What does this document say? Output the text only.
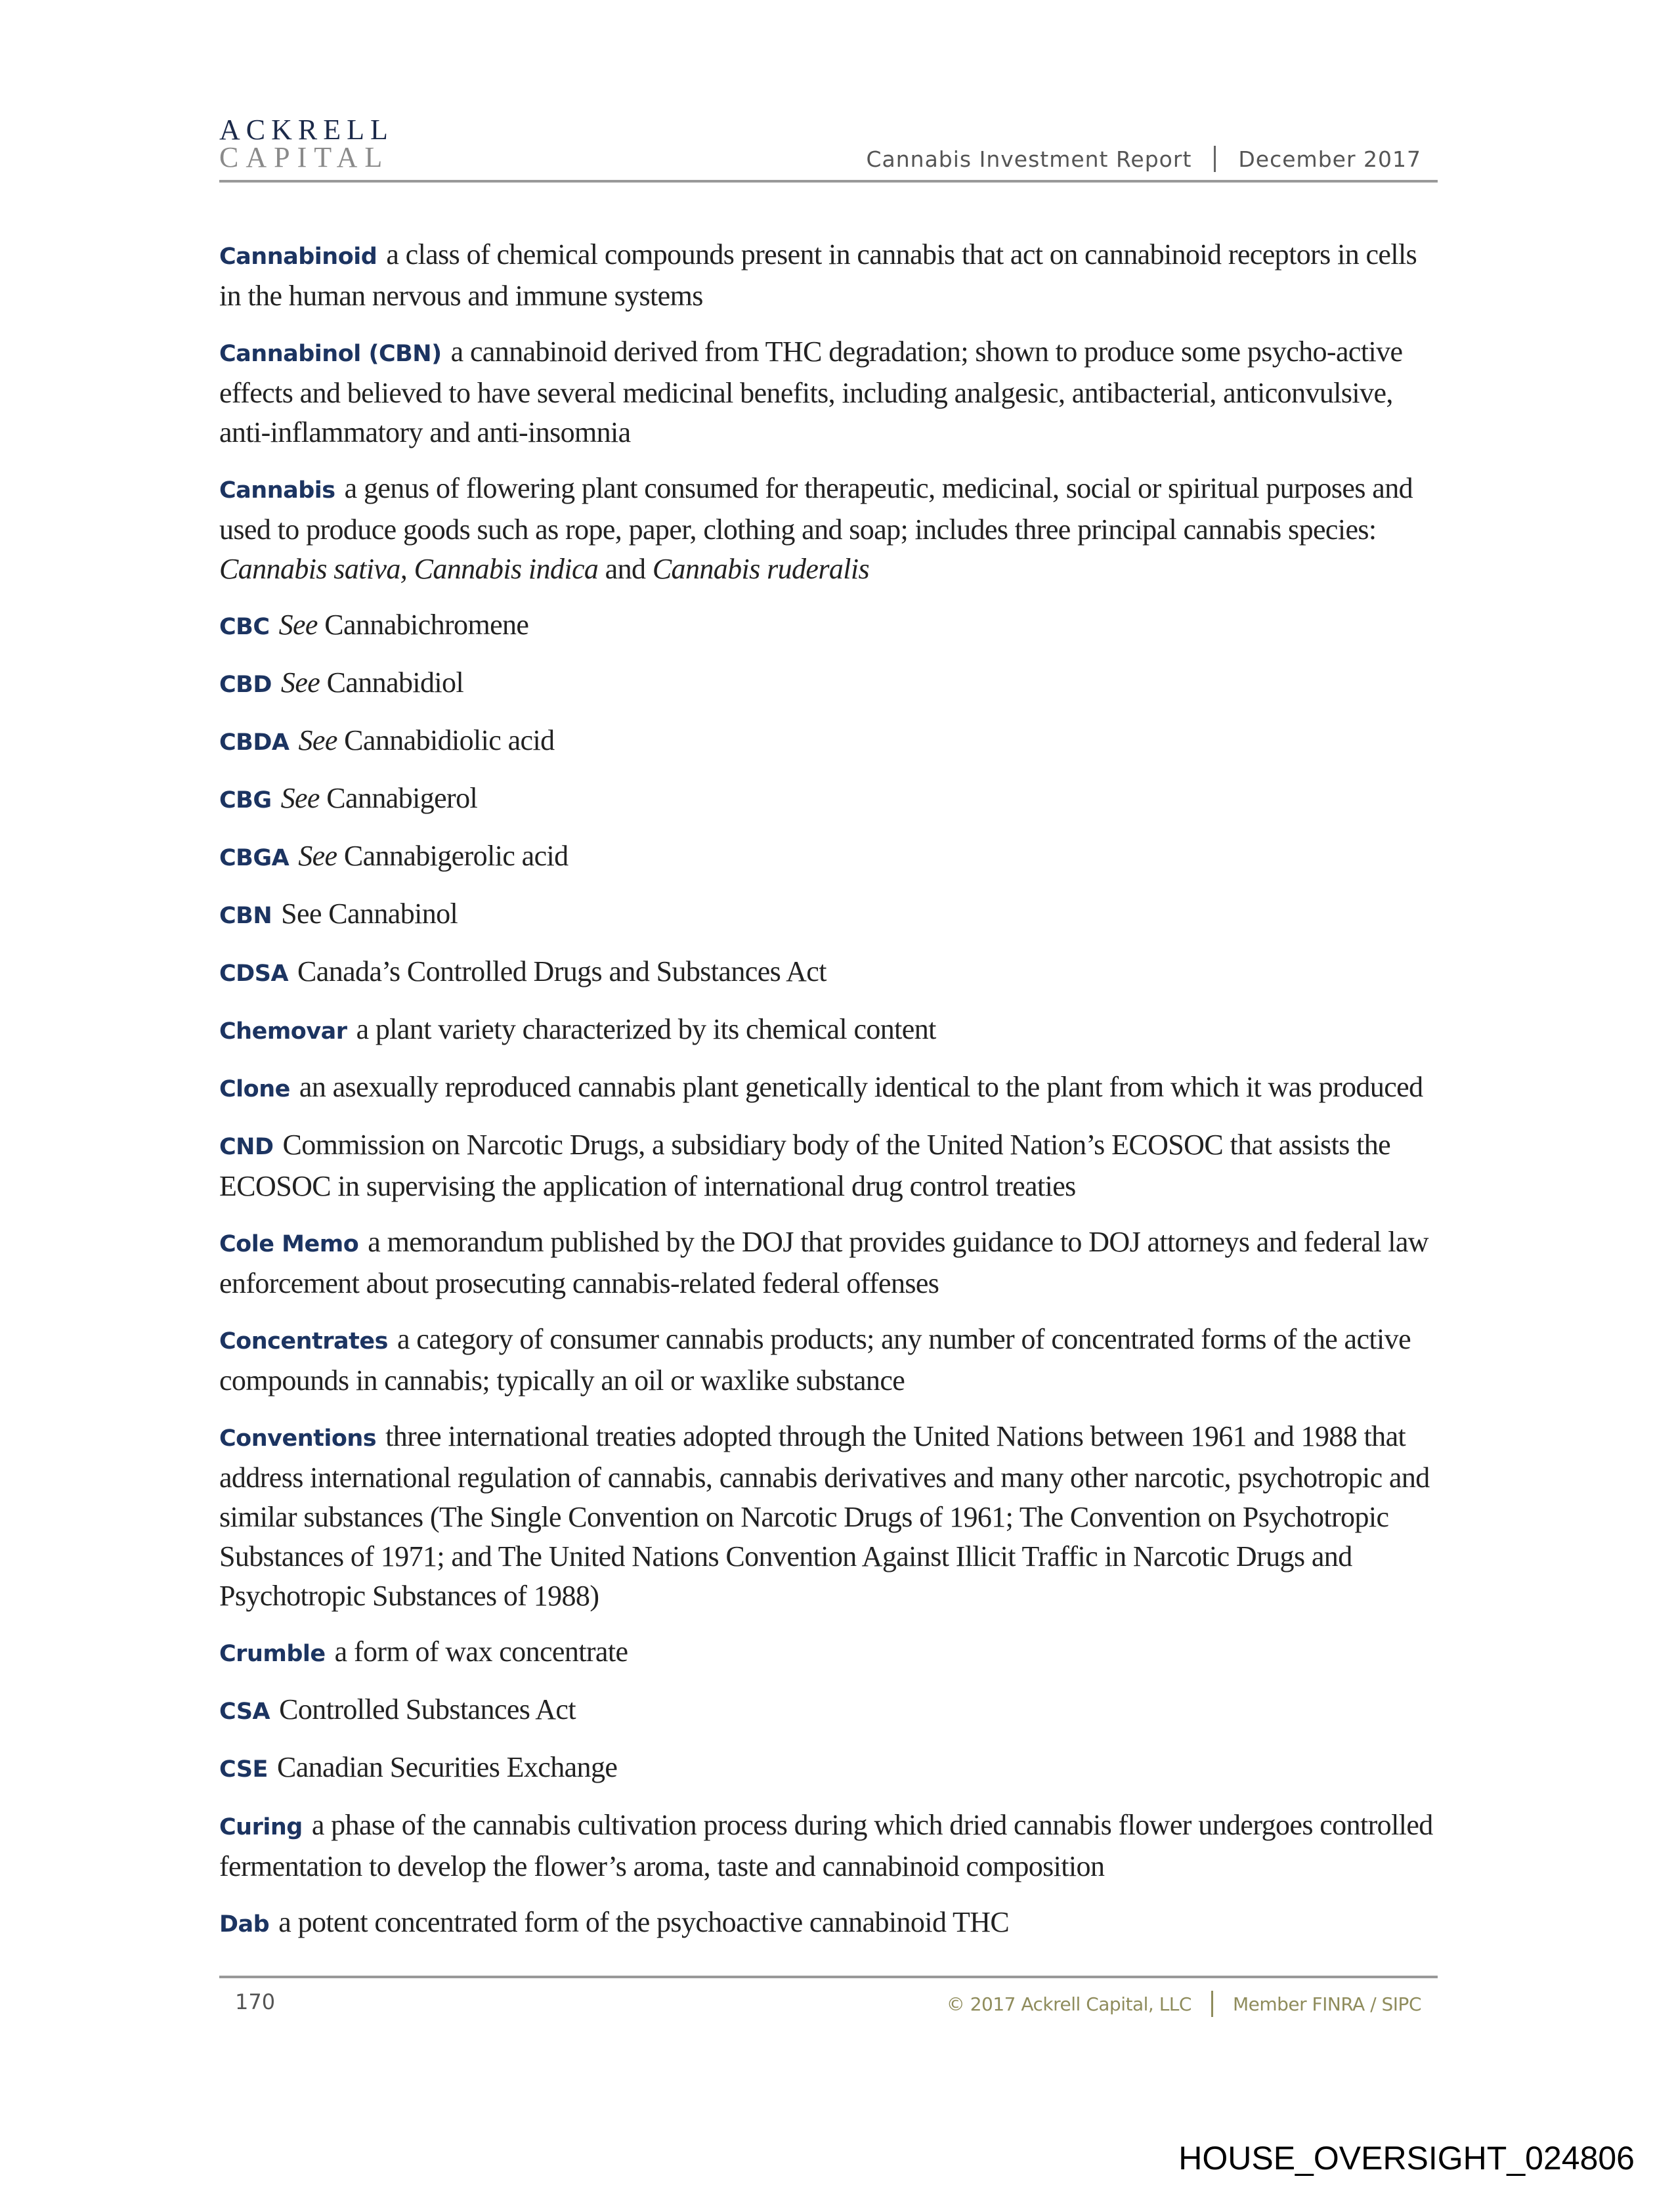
ACKRELL
CAPITAL	Cannabis Investment Report December 2017
Cannabinoid a class of chemical compounds present in cannabis that act on cannabinoid receptors in cells in the human nervous and immune systems
Cannabinol (CBN) a cannabinoid derived from THC degradation; shown to produce some psycho-active effects and believed to have several medicinal benefits, including analgesic, antibacterial, anticonvulsive, anti-inflammatory and anti-insomnia
Cannabis a genus of flowering plant consumed for therapeutic, medicinal, social or spiritual purposes and used to produce goods such as rope, paper, clothing and soap; includes three principal cannabis species: Cannabis sativa, Cannabis indica and Cannabis ruderalis
CBC See Cannabichromene
CBD See Cannabidiol
CBDA See Cannabidiolic acid
CBG See Cannabigerol
CBGA See Cannabigerolic acid
CBN See Cannabinol
CDSA Canada’s Controlled Drugs and Substances Act
Chemovar a plant variety characterized by its chemical content
Clone an asexually reproduced cannabis plant genetically identical to the plant from which it was produced
CND Commission on Narcotic Drugs, a subsidiary body of the United Nation’s ECOSOC that assists the ECOSOC in supervising the application of international drug control treaties
Cole Memo a memorandum published by the DOJ that provides guidance to DOJ attorneys and federal law enforcement about prosecuting cannabis-related federal offenses
Concentrates a category of consumer cannabis products; any number of concentrated forms of the active compounds in cannabis; typically an oil or waxlike substance
Conventions three international treaties adopted through the United Nations between 1961 and 1988 that address international regulation of cannabis, cannabis derivatives and many other narcotic, psychotropic and similar substances (The Single Convention on Narcotic Drugs of 1961; The Convention on Psychotropic Substances of 1971; and The United Nations Convention Against Illicit Traffic in Narcotic Drugs and Psychotropic Substances of 1988)
Crumble a form of wax concentrate
CSA Controlled Substances Act
CSE Canadian Securities Exchange
Curing a phase of the cannabis cultivation process during which dried cannabis flower undergoes controlled fermentation to develop the flower’s aroma, taste and cannabinoid composition
Dab a potent concentrated form of the psychoactive cannabinoid THC
170	© 2017 Ackrell Capital, LLC Member FINRA / SIPC
HOUSE_OVERSIGHT_024806
